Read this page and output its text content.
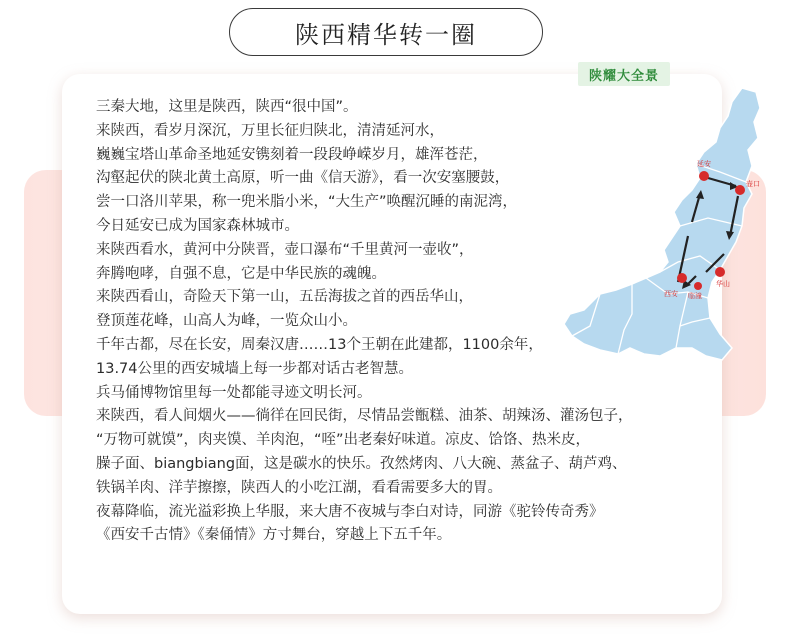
陕西精华转一圈
陕耀大全景
延安
壶口
华山
西安 临潼

三秦大地，这里是陕西，陕西“很中国”。

来陕西，看岁月深沉，万里长征归陕北，清清延河水，

巍巍宝塔山革命圣地延安镌刻着一段段峥嵘岁月，雄浑苍茫，

沟壑起伏的陕北黄土高原，听一曲《信天游》，看一次安塞腰鼓，

尝一口洛川苹果，称一兜米脂小米，“大生产”唤醒沉睡的南泥湾，

今日延安已成为国家森林城市。

来陕西看水，黄河中分陕晋，壶口瀑布“千里黄河一壶收”，

奔腾咆哮，自强不息，它是中华民族的魂魄。

来陕西看山，奇险天下第一山，五岳海拔之首的西岳华山，

登顶莲花峰，山高人为峰，一览众山小。

千年古都，尽在长安，周秦汉唐……13个王朝在此建都，1100余年，

13.74公里的西安城墙上每一步都对话古老智慧。

兵马俑博物馆里每一处都能寻迹文明长河。

来陕西，看人间烟火——徜徉在回民街，尽情品尝甑糕、油茶、胡辣汤、灌汤包子，

“万物可就馍”，肉夹馍、羊肉泡，“咥”出老秦好味道。凉皮、饸饹、热米皮，

臊子面、biangbiang面，这是碳水的快乐。孜然烤肉、八大碗、蒸盆子、葫芦鸡、

铁锅羊肉、洋芋擦擦，陕西人的小吃江湖，看看需要多大的胃。

夜幕降临，流光溢彩换上华服，来大唐不夜城与李白对诗，同游《驼铃传奇秀》

《西安千古情》《秦俑情》方寸舞台，穿越上下五千年。
